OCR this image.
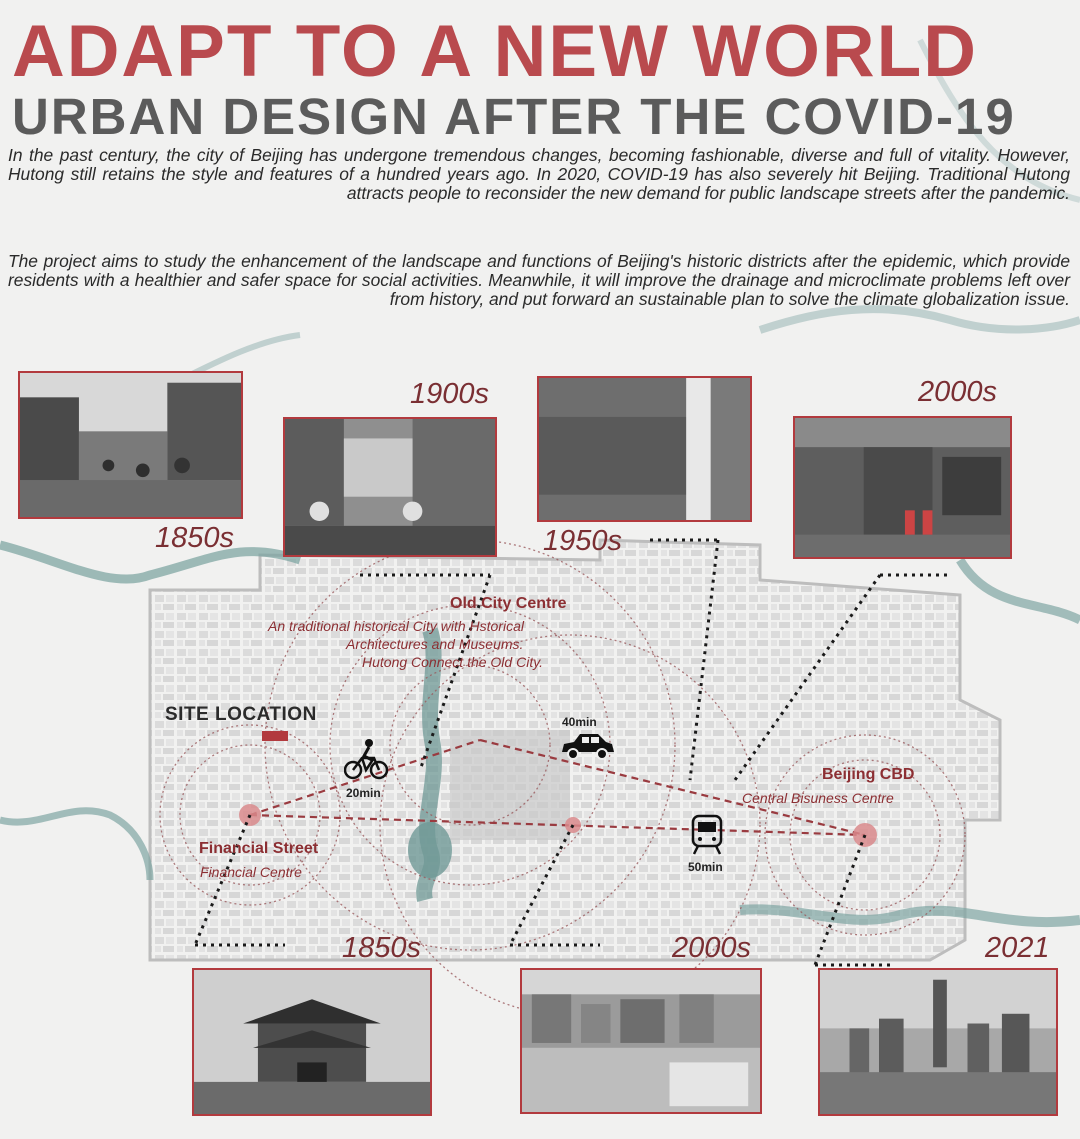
ADAPT TO A NEW WORLD
URBAN DESIGN AFTER THE COVID-19
In the past century, the city of Beijing has undergone tremendous changes, becoming fashionable, diverse and full of vitality. However, Hutong still retains the style and features of a hundred years ago. In 2020, COVID-19 has also severely hit Beijing. Traditional Hutong attracts people to reconsider the new demand for public landscape streets after the pandemic.
The project aims to study the enhancement of the landscape and functions of Beijing's historic districts after the epidemic, which provide residents with a healthier and safer space for social activities. Meanwhile, it will improve the drainage and microclimate problems left over from history, and put forward an sustainable plan to solve the climate globalization issue.
1900s	2000s
1850s	1950s
Old City Centre
An traditional historical City with Hstorical
Architectures and Museums.
Hutong Connect the Old City.
SITE LOCATION
Financial Street
Financial Centre
Beijing CBD
Central Bisuness Centre
20min
40min
50min
1850s	2000s	2021
